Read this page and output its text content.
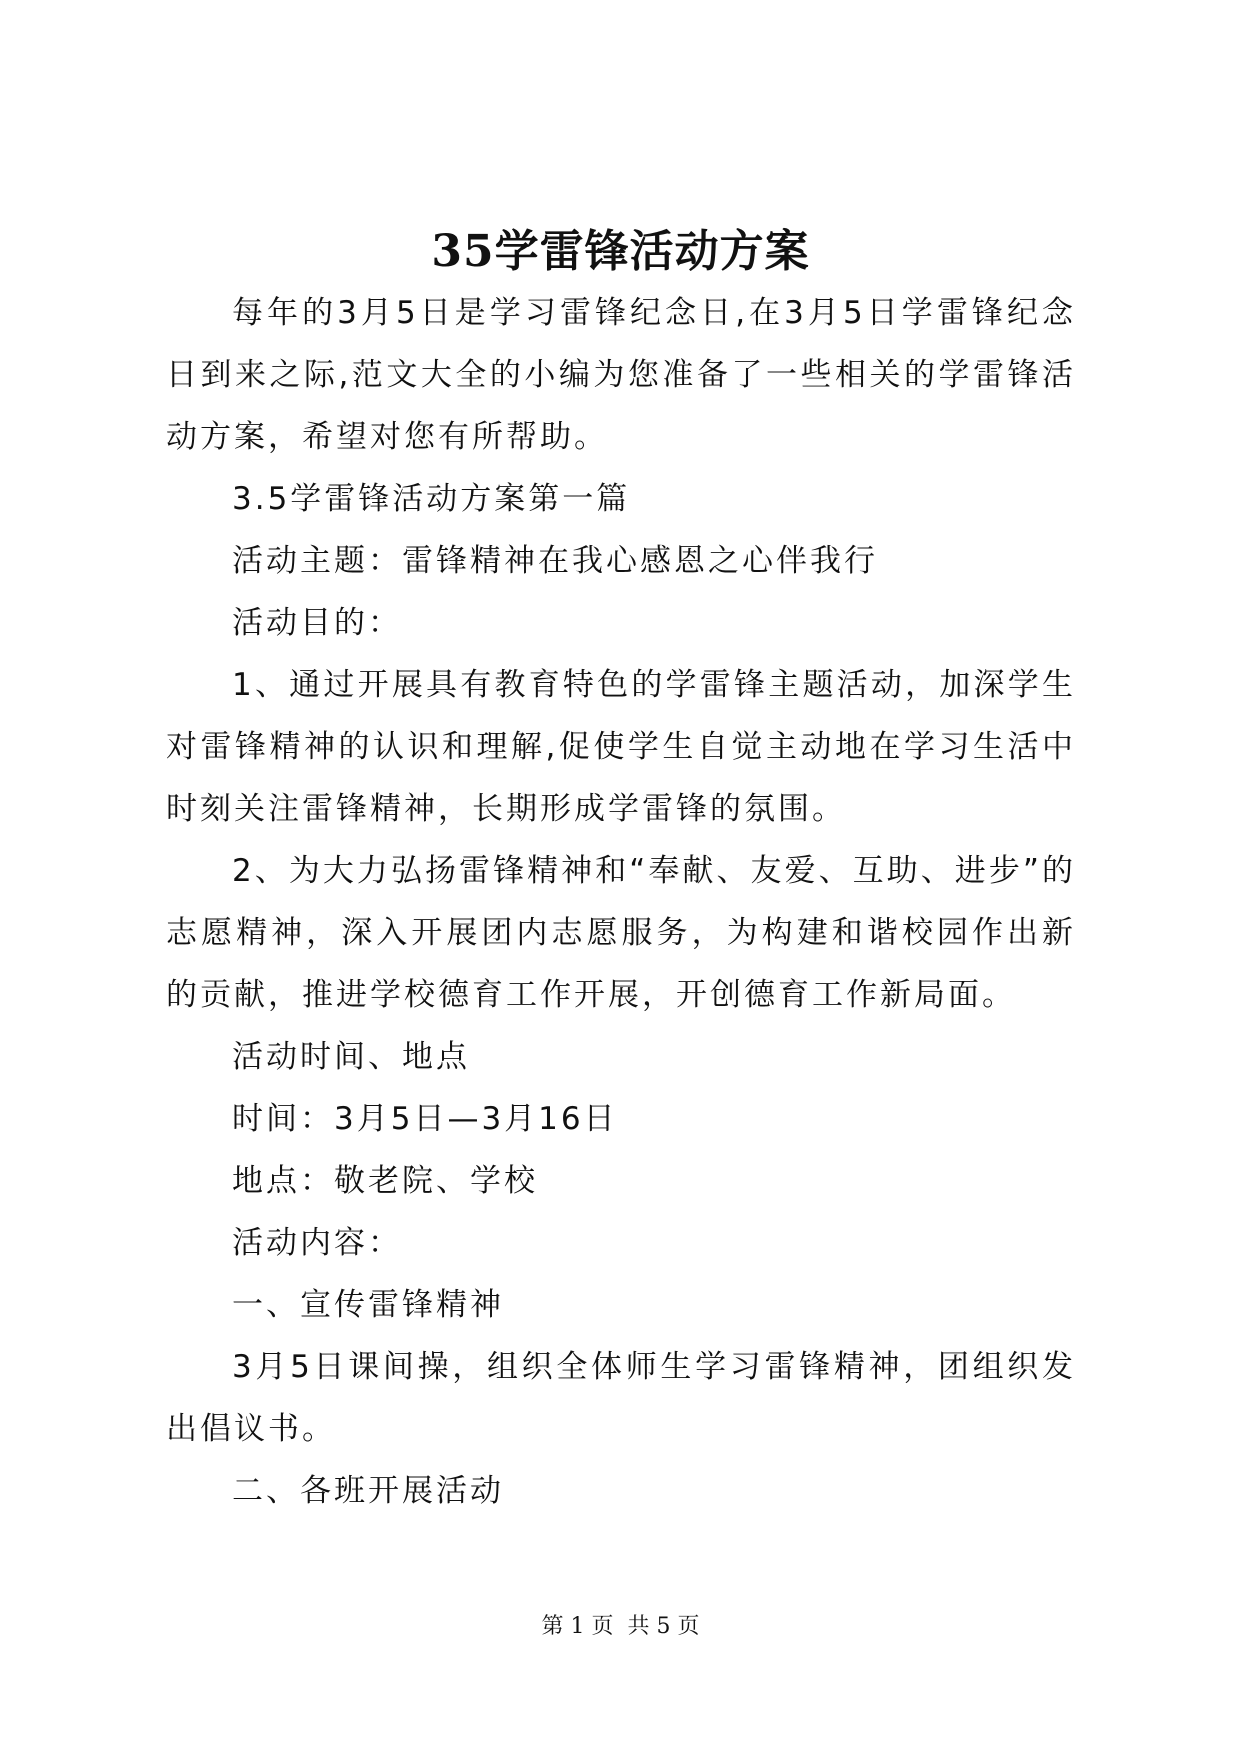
35学雷锋活动方案

每年的3月5日是学习雷锋纪念日,在3月5日学雷锋纪念日到来之际,范文大全的小编为您准备了一些相关的学雷锋活动方案，希望对您有所帮助。

3.5学雷锋活动方案第一篇

活动主题：雷锋精神在我心感恩之心伴我行

活动目的：

1、通过开展具有教育特色的学雷锋主题活动，加深学生对雷锋精神的认识和理解,促使学生自觉主动地在学习生活中时刻关注雷锋精神，长期形成学雷锋的氛围。

2、为大力弘扬雷锋精神和“奉献、友爱、互助、进步”的志愿精神，深入开展团内志愿服务，为构建和谐校园作出新的贡献，推进学校德育工作开展，开创德育工作新局面。

活动时间、地点

时间：3月5日—3月16日

地点：敬老院、学校

活动内容：

一、宣传雷锋精神

3月5日课间操，组织全体师生学习雷锋精神，团组织发出倡议书。

二、各班开展活动

第 1 页  共 5 页
